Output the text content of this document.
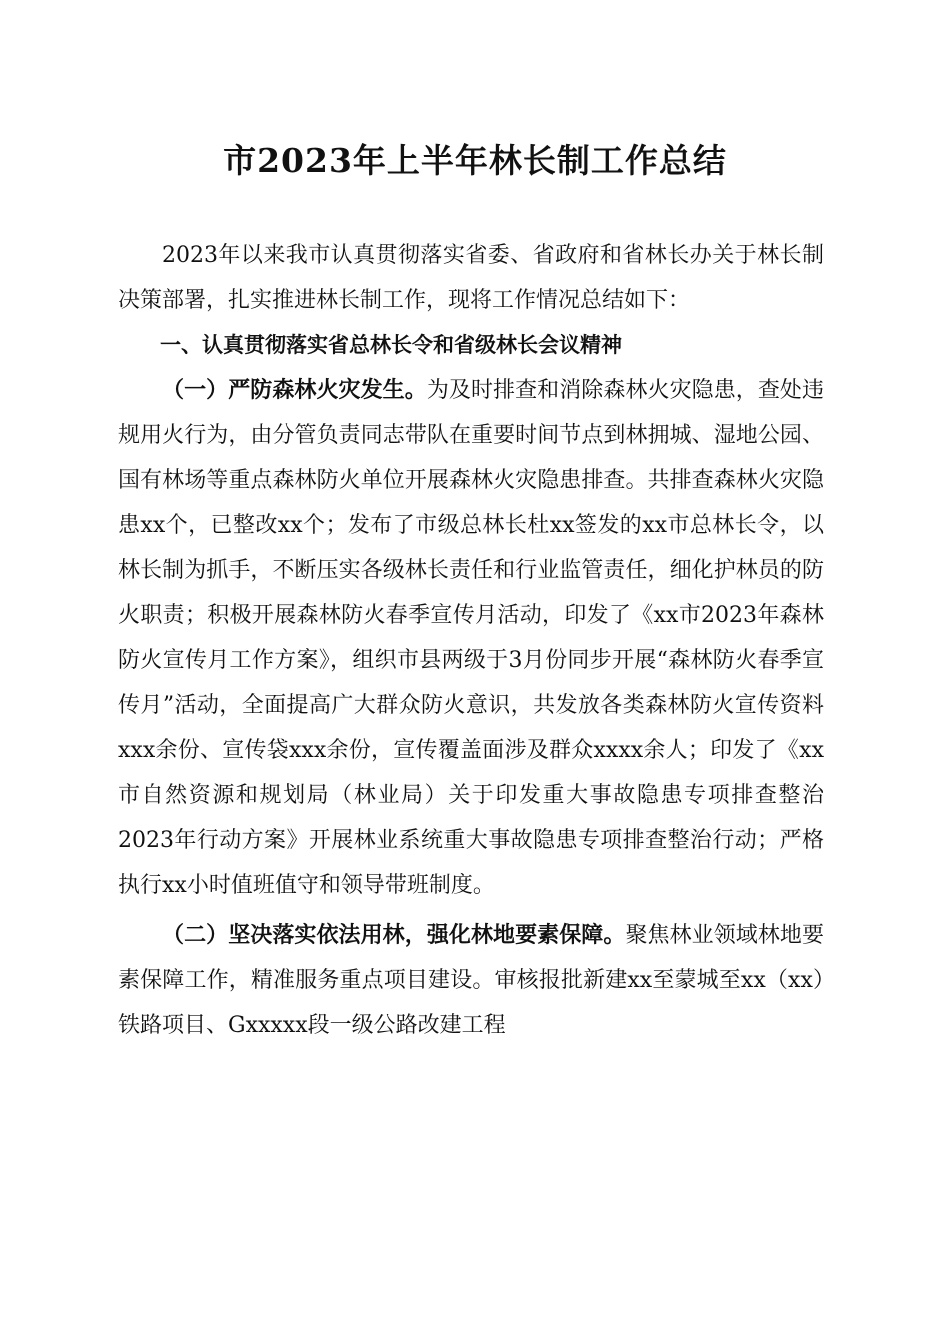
市2023年上半年林长制工作总结

2023年以来我市认真贯彻落实省委、省政府和省林长办关于林长制决策部署，扎实推进林长制工作，现将工作情况总结如下：

一、认真贯彻落实省总林长令和省级林长会议精神

（一）严防森林火灾发生。为及时排查和消除森林火灾隐患，查处违规用火行为，由分管负责同志带队在重要时间节点到林拥城、湿地公园、国有林场等重点森林防火单位开展森林火灾隐患排查。共排查森林火灾隐患xx个，已整改xx个；发布了市级总林长杜xx签发的xx市总林长令，以林长制为抓手，不断压实各级林长责任和行业监管责任，细化护林员的防火职责；积极开展森林防火春季宣传月活动，印发了《xx市2023年森林防火宣传月工作方案》，组织市县两级于3月份同步开展“森林防火春季宣传月”活动，全面提高广大群众防火意识，共发放各类森林防火宣传资料xxx余份、宣传袋xxx余份，宣传覆盖面涉及群众xxxx余人；印发了《xx市自然资源和规划局（林业局）关于印发重大事故隐患专项排查整治2023年行动方案》开展林业系统重大事故隐患专项排查整治行动；严格执行xx小时值班值守和领导带班制度。

（二）坚决落实依法用林，强化林地要素保障。聚焦林业领域林地要素保障工作，精准服务重点项目建设。审核报批新建xx至蒙城至xx（xx）铁路项目、Gxxxxx段一级公路改建工程
